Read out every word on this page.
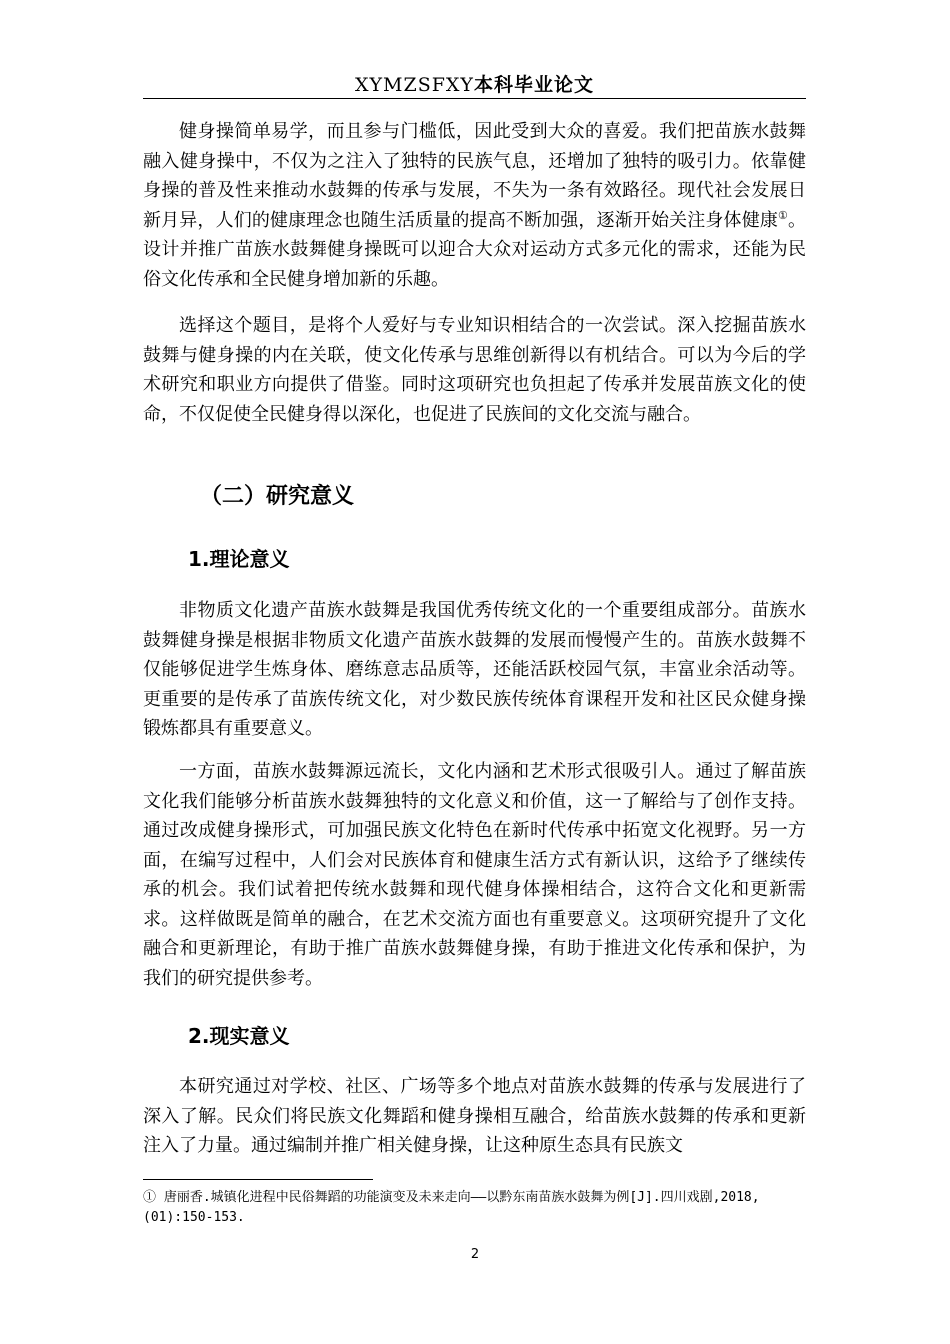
XYMZSFXY本科毕业论文

健身操简单易学，而且参与门槛低，因此受到大众的喜爱。我们把苗族水鼓舞融入健身操中，不仅为之注入了独特的民族气息，还增加了独特的吸引力。依靠健身操的普及性来推动水鼓舞的传承与发展，不失为一条有效路径。现代社会发展日新月异，人们的健康理念也随生活质量的提高不断加强，逐渐开始关注身体健康①。设计并推广苗族水鼓舞健身操既可以迎合大众对运动方式多元化的需求，还能为民俗文化传承和全民健身增加新的乐趣。

选择这个题目，是将个人爱好与专业知识相结合的一次尝试。深入挖掘苗族水鼓舞与健身操的内在关联，使文化传承与思维创新得以有机结合。可以为今后的学术研究和职业方向提供了借鉴。同时这项研究也负担起了传承并发展苗族文化的使命，不仅促使全民健身得以深化，也促进了民族间的文化交流与融合。

（二）研究意义
1.理论意义

非物质文化遗产苗族水鼓舞是我国优秀传统文化的一个重要组成部分。苗族水鼓舞健身操是根据非物质文化遗产苗族水鼓舞的发展而慢慢产生的。苗族水鼓舞不仅能够促进学生炼身体、磨练意志品质等，还能活跃校园气氛，丰富业余活动等。更重要的是传承了苗族传统文化，对少数民族传统体育课程开发和社区民众健身操锻炼都具有重要意义。

一方面，苗族水鼓舞源远流长，文化内涵和艺术形式很吸引人。通过了解苗族文化我们能够分析苗族水鼓舞独特的文化意义和价值，这一了解给与了创作支持。通过改成健身操形式，可加强民族文化特色在新时代传承中拓宽文化视野。另一方面，在编写过程中，人们会对民族体育和健康生活方式有新认识，这给予了继续传承的机会。我们试着把传统水鼓舞和现代健身体操相结合，这符合文化和更新需求。这样做既是简单的融合，在艺术交流方面也有重要意义。这项研究提升了文化融合和更新理论，有助于推广苗族水鼓舞健身操，有助于推进文化传承和保护，为我们的研究提供参考。

2.现实意义

本研究通过对学校、社区、广场等多个地点对苗族水鼓舞的传承与发展进行了深入了解。民众们将民族文化舞蹈和健身操相互融合，给苗族水鼓舞的传承和更新注入了力量。通过编制并推广相关健身操，让这种原生态具有民族文

① 唐丽香.城镇化进程中民俗舞蹈的功能演变及未来走向——以黔东南苗族水鼓舞为例[J].四川戏剧,2018,(01):150-153.

2
